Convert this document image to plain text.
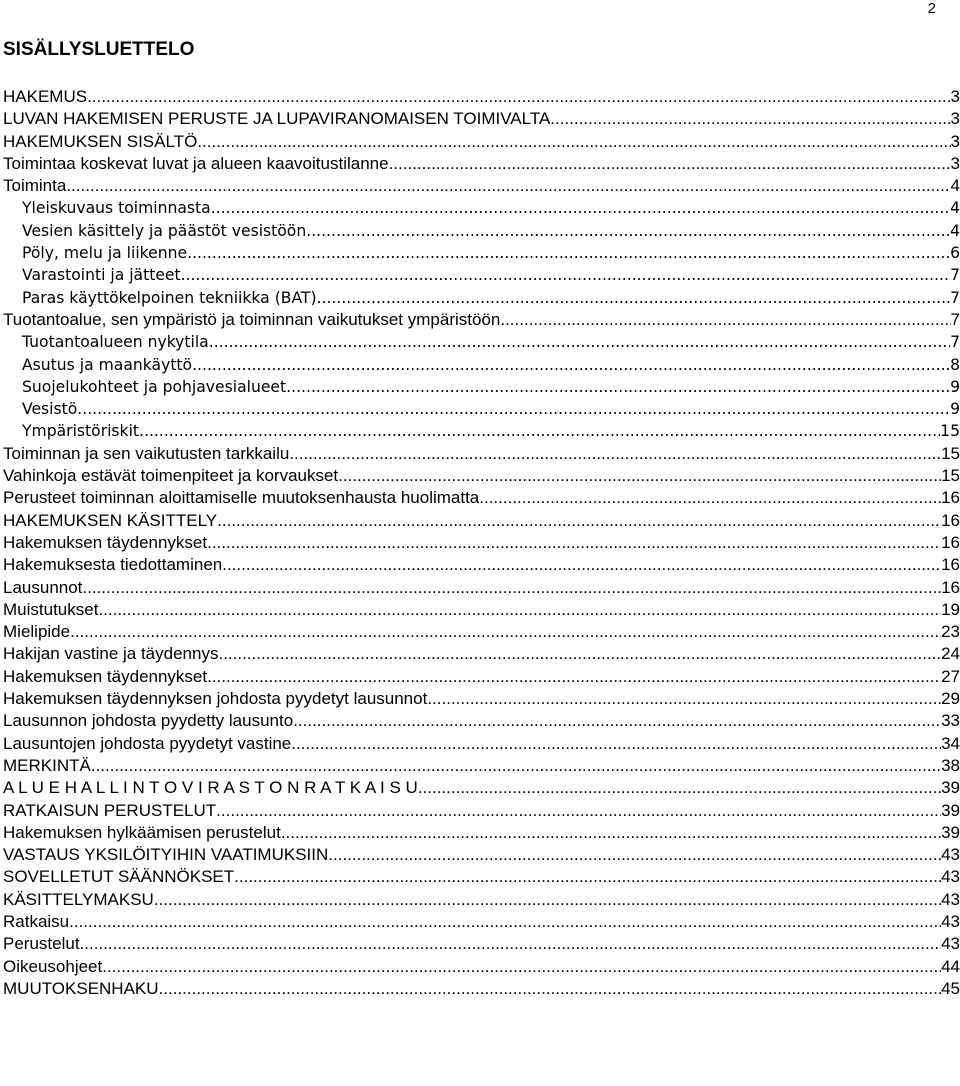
2
SISÄLLYSLUETTELO
HAKEMUS .....	3
LUVAN HAKEMISEN PERUSTE JA LUPAVIRANOMAISEN TOIMIVALTA .....	3
HAKEMUKSEN SISÄLTÖ .....	3
Toimintaa koskevat luvat ja alueen kaavoitustilanne .....	3
Toiminta .....	4
Yleiskuvaus toiminnasta .....	4
Vesien käsittely ja päästöt vesistöön .....	4
Pöly, melu ja liikenne .....	6
Varastointi ja jätteet .....	7
Paras käyttökelpoinen tekniikka (BAT) .....	7
Tuotantoalue, sen ympäristö ja toiminnan vaikutukset ympäristöön .....	7
Tuotantoalueen nykytila .....	7
Asutus ja maankäyttö .....	8
Suojelukohteet ja pohjavesialueet .....	9
Vesistö .....	9
Ympäristöriskit .....	15
Toiminnan ja sen vaikutusten tarkkailu .....	15
Vahinkoja estävät toimenpiteet ja korvaukset .....	15
Perusteet toiminnan aloittamiselle muutoksenhausta huolimatta .....	16
HAKEMUKSEN KÄSITTELY .....	16
Hakemuksen täydennykset .....	16
Hakemuksesta tiedottaminen .....	16
Lausunnot .....	16
Muistutukset .....	19
Mielipide .....	23
Hakijan vastine ja täydennys .....	24
Hakemuksen täydennykset .....	27
Hakemuksen täydennyksen johdosta pyydetyt lausunnot .....	29
Lausunnon johdosta pyydetty lausunto .....	33
Lausuntojen johdosta pyydetyt vastine .....	34
MERKINTÄ .....	38
A L U E H A L L I N T O V I R A S T O N R A T K A I S U .....	39
RATKAISUN PERUSTELUT .....	39
Hakemuksen hylkäämisen perustelut .....	39
VASTAUS YKSILÖITYIHIN VAATIMUKSIIN .....	43
SOVELLETUT SÄÄNNÖKSET .....	43
KÄSITTELYMAKSU .....	43
Ratkaisu .....	43
Perustelut .....	43
Oikeusohjeet .....	44
MUUTOKSENHAKU .....	45
